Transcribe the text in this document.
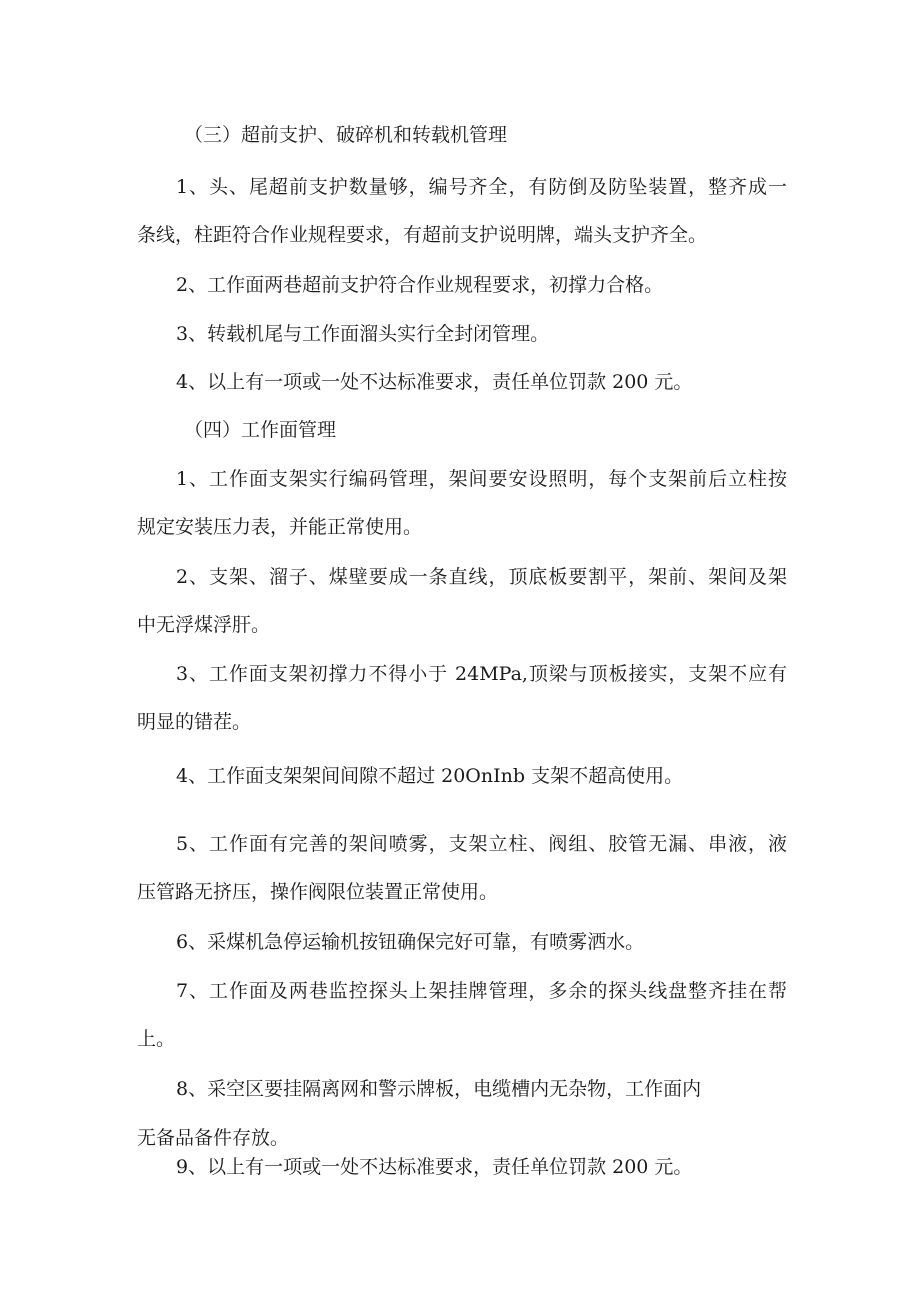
（三）超前支护、破碎机和转载机管理

1、头、尾超前支护数量够，编号齐全，有防倒及防坠装置，整齐成一

条线，柱距符合作业规程要求，有超前支护说明牌，端头支护齐全。

2、工作面两巷超前支护符合作业规程要求，初撑力合格。

3、转载机尾与工作面溜头实行全封闭管理。

4、以上有一项或一处不达标准要求，责任单位罚款 200 元。

（四）工作面管理

1、工作面支架实行编码管理，架间要安设照明，每个支架前后立柱按

规定安装压力表，并能正常使用。

2、支架、溜子、煤壁要成一条直线，顶底板要割平，架前、架间及架

中无浮煤浮肝。

3、工作面支架初撑力不得小于 24MPa,顶梁与顶板接实，支架不应有

明显的错茬。

4、工作面支架架间间隙不超过 20OnInb 支架不超高使用。

5、工作面有完善的架间喷雾，支架立柱、阀组、胶管无漏、串液，液

压管路无挤压，操作阀限位装置正常使用。

6、采煤机急停运输机按钮确保完好可靠，有喷雾洒水。

7、工作面及两巷监控探头上架挂牌管理，多余的探头线盘整齐挂在帮

上。

8、采空区要挂隔离网和警示牌板，电缆槽内无杂物，工作面内

无备品备件存放。

9、以上有一项或一处不达标准要求，责任单位罚款 200 元。
